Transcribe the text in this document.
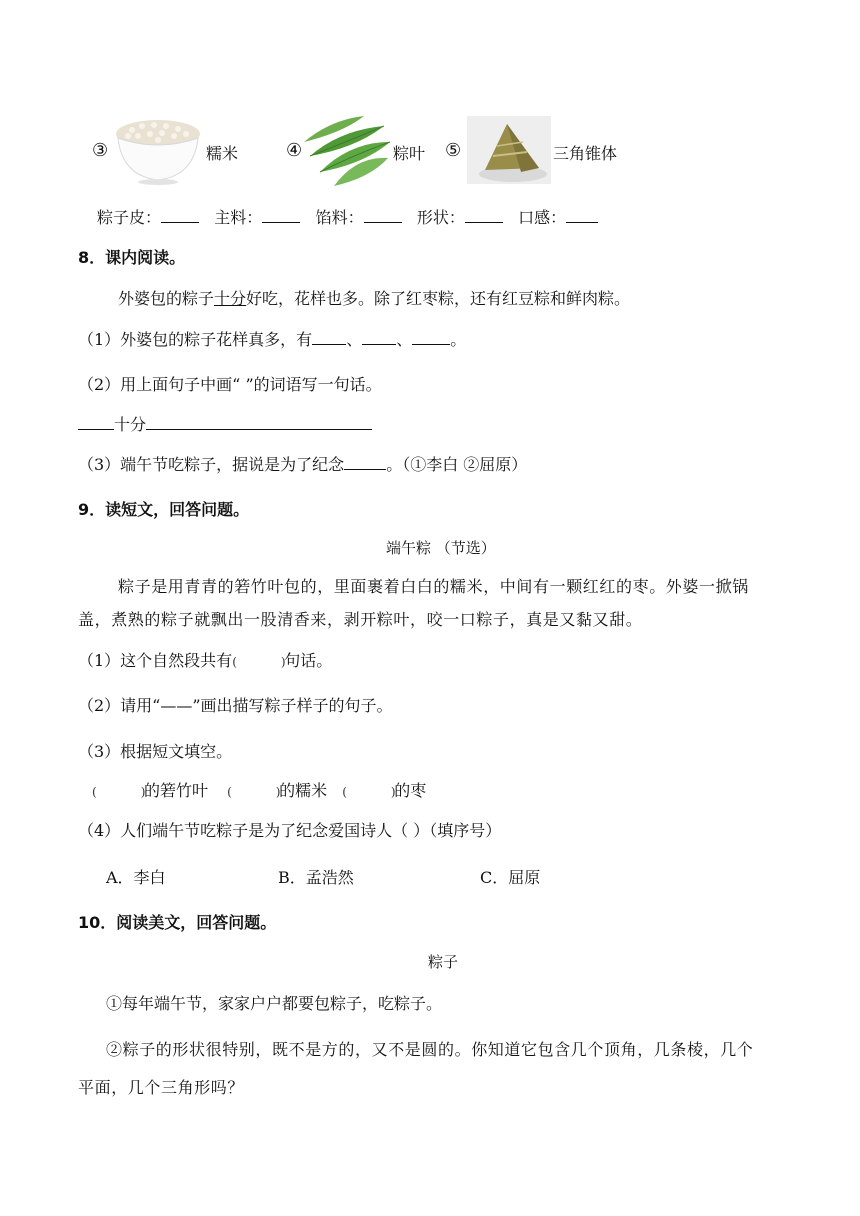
③	糯米	④	粽叶 ⑤	三角锥体
粽子皮：	主料：	馅料：	形状：	口感：
8．课内阅读。
外婆包的粽子十分好吃，花样也多。除了红枣粽，还有红豆粽和鲜肉粽。
（1）外婆包的粽子花样真多，有 、 、 。
（2）用上面句子中画“ ”的词语写一句话。
十分
（3）端午节吃粽子，据说是为了纪念	。（①李白 ②屈原）
9．读短文，回答问题。
端午粽 （节选）
粽子是用青青的箬竹叶包的，里面裹着白白的糯米，中间有一颗红红的枣。外婆一掀锅
盖，煮熟的粽子就飘出一股清香来，剥开粽叶，咬一口粽子，真是又黏又甜。
（1）这个自然段共有(	)句话。
（2）请用“——”画出描写粽子样子的句子。
（3）根据短文填空。
(	)的箬竹叶 (	)的糯米 (	)的枣
（4）人们端午节吃粽子是为了纪念爱国诗人（ ）（填序号）
A．李白	B．孟浩然	C．屈原
10．阅读美文，回答问题。
粽子
①每年端午节，家家户户都要包粽子，吃粽子。
②粽子的形状很特别，既不是方的，又不是圆的。你知道它包含几个顶角，几条棱，几个
平面，几个三角形吗？
